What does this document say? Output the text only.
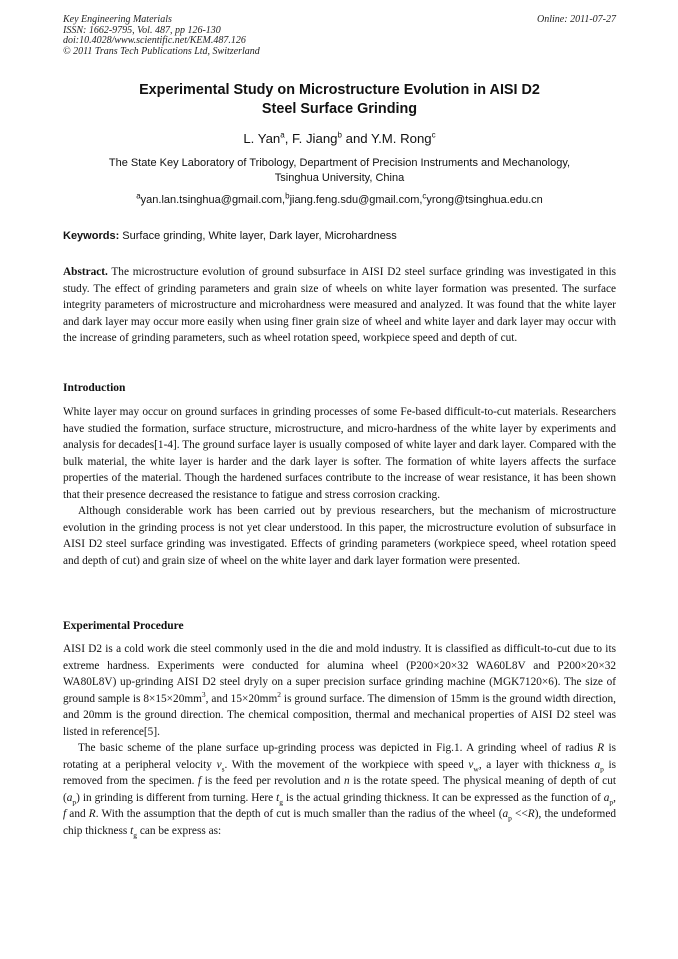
Key Engineering Materials
ISSN: 1662-9795, Vol. 487, pp 126-130
doi:10.4028/www.scientific.net/KEM.487.126
© 2011 Trans Tech Publications Ltd, Switzerland
Online: 2011-07-27
Experimental Study on Microstructure Evolution in AISI D2
Steel Surface Grinding
L. Yan$^a$, F. Jiang$^b$ and Y.M. Rong$^c$
The State Key Laboratory of Tribology, Department of Precision Instruments and Mechanology,
Tsinghua University, China
$^a$yan.lan.tsinghua@gmail.com,$^b$jiang.feng.sdu@gmail.com,$^c$yrong@tsinghua.edu.cn
Keywords: Surface grinding, White layer, Dark layer, Microhardness

Abstract. The microstructure evolution of ground subsurface in AISI D2 steel surface grinding was investigated in this study. The effect of grinding parameters and grain size of wheels on white layer formation was presented. The surface integrity parameters of microstructure and microhardness were measured and analyzed. It was found that the white layer and dark layer may occur more easily when using finer grain size of wheel and white layer and dark layer may occur with the increase of grinding parameters, such as wheel rotation speed, workpiece speed and depth of cut.

Introduction

White layer may occur on ground surfaces in grinding processes of some Fe-based difficult-to-cut materials. Researchers have studied the formation, surface structure, microstructure, and micro-hardness of the white layer by experiments and analysis for decades[1-4]. The ground surface layer is usually composed of white layer and dark layer. Compared with the bulk material, the white layer is harder and the dark layer is softer. The formation of white layers affects the surface properties of the material. Though the hardened surfaces contribute to the increase of wear resistance, it has been shown that their presence decreased the resistance to fatigue and stress corrosion cracking.

Although considerable work has been carried out by previous researchers, but the mechanism of microstructure evolution in the grinding process is not yet clear understood. In this paper, the microstructure evolution of subsurface in AISI D2 steel surface grinding was investigated. Effects of grinding parameters (workpiece speed, wheel rotation speed and depth of cut) and grain size of wheel on the white layer and dark layer formation were presented.

Experimental Procedure

AISI D2 is a cold work die steel commonly used in the die and mold industry. It is classified as difficult-to-cut due to its extreme hardness. Experiments were conducted for alumina wheel (P200×20×32 WA60L8V and P200×20×32 WA80L8V) up-grinding AISI D2 steel dryly on a super precision surface grinding machine (MGK7120×6). The size of ground sample is $8\times 15\times 20mm^3$, and $15\times 20mm^2$ is ground surface. The dimension of 15mm is the ground width direction, and 20mm is the ground direction. The chemical composition, thermal and mechanical properties of AISI D2 steel was listed in reference[5].

The basic scheme of the plane surface up-grinding process was depicted in Fig.1. A grinding wheel of radius R is rotating at a peripheral velocity $v_s$. With the movement of the workpiece with speed $v_w$, a layer with thickness $a_p$ is removed from the specimen. f is the feed per revolution and n is the rotate speed. The physical meaning of depth of cut $(a_p)$ in grinding is different from turning. Here $t_g$ is the actual grinding thickness. It can be expressed as the function of $a_p$, f and R. With the assumption that the depth of cut is much smaller than the radius of the wheel $(a_p <<R)$, the undeformed chip thickness $t_g$ can be express as:
